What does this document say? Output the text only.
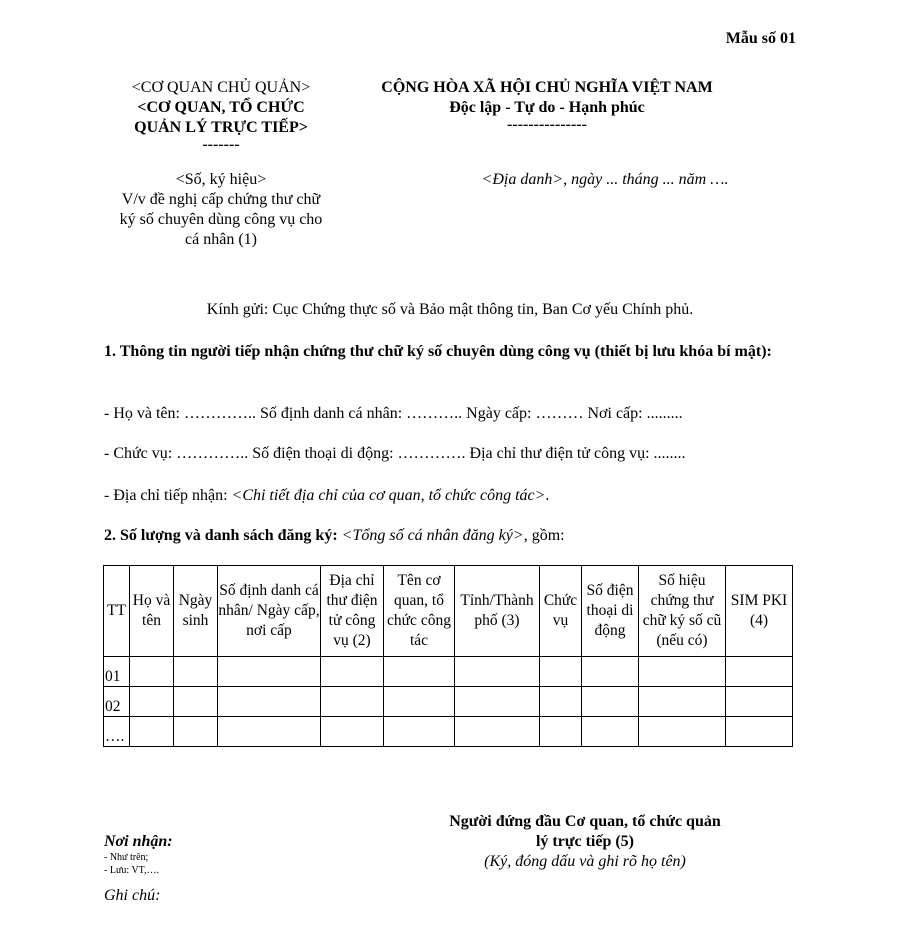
Mẫu số 01
<CƠ QUAN CHỦ QUẢN>
<CƠ QUAN, TỔ CHỨC
QUẢN LÝ TRỰC TIẾP>
-------
CỘNG HÒA XÃ HỘI CHỦ NGHĨA VIỆT NAM
Độc lập - Tự do - Hạnh phúc
---------------
<Số, ký hiệu>
V/v đề nghị cấp chứng thư chữ
ký số chuyên dùng công vụ cho
cá nhân (1)
<Địa danh>, ngày ... tháng ... năm ….
Kính gửi: Cục Chứng thực số và Bảo mật thông tin, Ban Cơ yếu Chính phủ.
1. Thông tin người tiếp nhận chứng thư chữ ký số chuyên dùng công vụ (thiết bị lưu khóa bí mật):
- Họ và tên: ………….. Số định danh cá nhân: ……….. Ngày cấp: ……… Nơi cấp: .........
- Chức vụ: ………….. Số điện thoại di động: …………. Địa chỉ thư điện tử công vụ: ........
- Địa chỉ tiếp nhận: <Chi tiết địa chỉ của cơ quan, tổ chức công tác>.
2. Số lượng và danh sách đăng ký: <Tổng số cá nhân đăng ký>, gồm:
TT	Họ và tên	Ngày sinh	Số định danh cá nhân/ Ngày cấp, nơi cấp	Địa chỉ thư điện tử công vụ (2)	Tên cơ quan, tổ chức công tác	Tỉnh/Thành phố (3)	Chức vụ	Số điện thoại di động	Số hiệu chứng thư chữ ký số cũ (nếu có)	SIM PKI (4)
01										
02										
….										
Người đứng đầu Cơ quan, tổ chức quản
lý trực tiếp (5)
(Ký, đóng dấu và ghi rõ họ tên)
Nơi nhận:
- Như trên;
- Lưu: VT,….
Ghi chú:
